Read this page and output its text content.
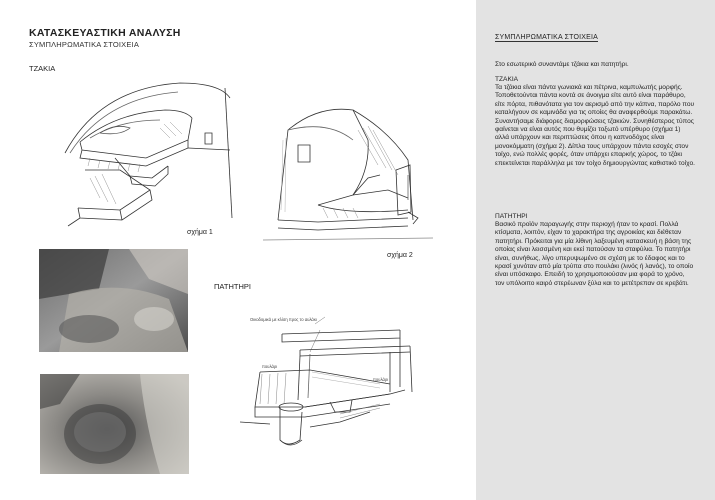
ΚΑΤΑΣΚΕΥΑΣΤΙΚΗ ΑΝΑΛΥΣΗ
ΣΥΜΠΛΗΡΩΜΑΤΙΚΑ ΣΤΟΙΧΕΙΑ
ΤΖΑΚΙΑ
σχήμα 1
σχήμα 2
ΠΑΤΗΤΗΡΙ
Οικοδομικά με κλίση προς το αυλάκι
πουλάρι
πουλάρι
ΣΥΜΠΛΗΡΩΜΑΤΙΚΑ ΣΤΟΙΧΕΙΑ

Στο εσωτερικό συναντάμε τζάκια και πατητήρι.

ΤΖΑΚΙΑ

Τα τζάκια είναι πάντα γωνιακά και πέτρινα, καμπυλωτής μορφής. Τοποθετούνται πάντα κοντά σε άνοιγμα είτε αυτό είναι παράθυρο, είτε πόρτα, πιθανότατα για τον αερισμό από την κάπνα, παρόλο που καταλήγουν σε καμινάδα για τις οποίες θα αναφερθούμε παρακάτω. Συναντήσαμε διάφορες διαμορφώσεις τζακιών. Συνηθέστερος τύπος φαίνεται να είναι αυτός που θυμίζει τοξωτό υπέρθυρο (σχήμα 1) αλλά υπάρχουν και περιπτώσεις όπου η καπνοδόχος είναι μονοκόμματη (σχήμα 2). Δίπλα τους υπάρχουν πάντα εσοχές στον τοίχο, ενώ πολλές φορές, όταν υπάρχει επαρκής χώρος, το τζάκι επεκτείνεται παράλληλα με τον τοίχο δημιουργώντας καθιστικό τοίχο.

ΠΑΤΗΤΗΡΙ

Βασικό προϊόν παραγωγής στην περιοχή ήταν το κρασί. Πολλά κτίσματα, λοιπόν, είχαν το χαρακτήρα της αγροικίας και διέθεταν πατητήρι. Πρόκειται για μία λίθινη λαξευμένη κατασκευή η βάση της οποίας είναι λεισσμένη και εκεί πατούσαν τα σταφύλια. Το πατητήρι είναι, συνήθως, λίγο υπερυψωμένο σε σχέση με το έδαφος και το κρασί χυνόταν από μία τρύπα στο πουλάκι (λινός ή λανός), το οποίο είναι υπόσκαφο. Επειδή το χρησιμοποιούσαν μια φορά το χρόνο, τον υπόλοιπο καιρό στερέωναν ξύλα και το μετέτρεπαν σε κρεβάτι.
